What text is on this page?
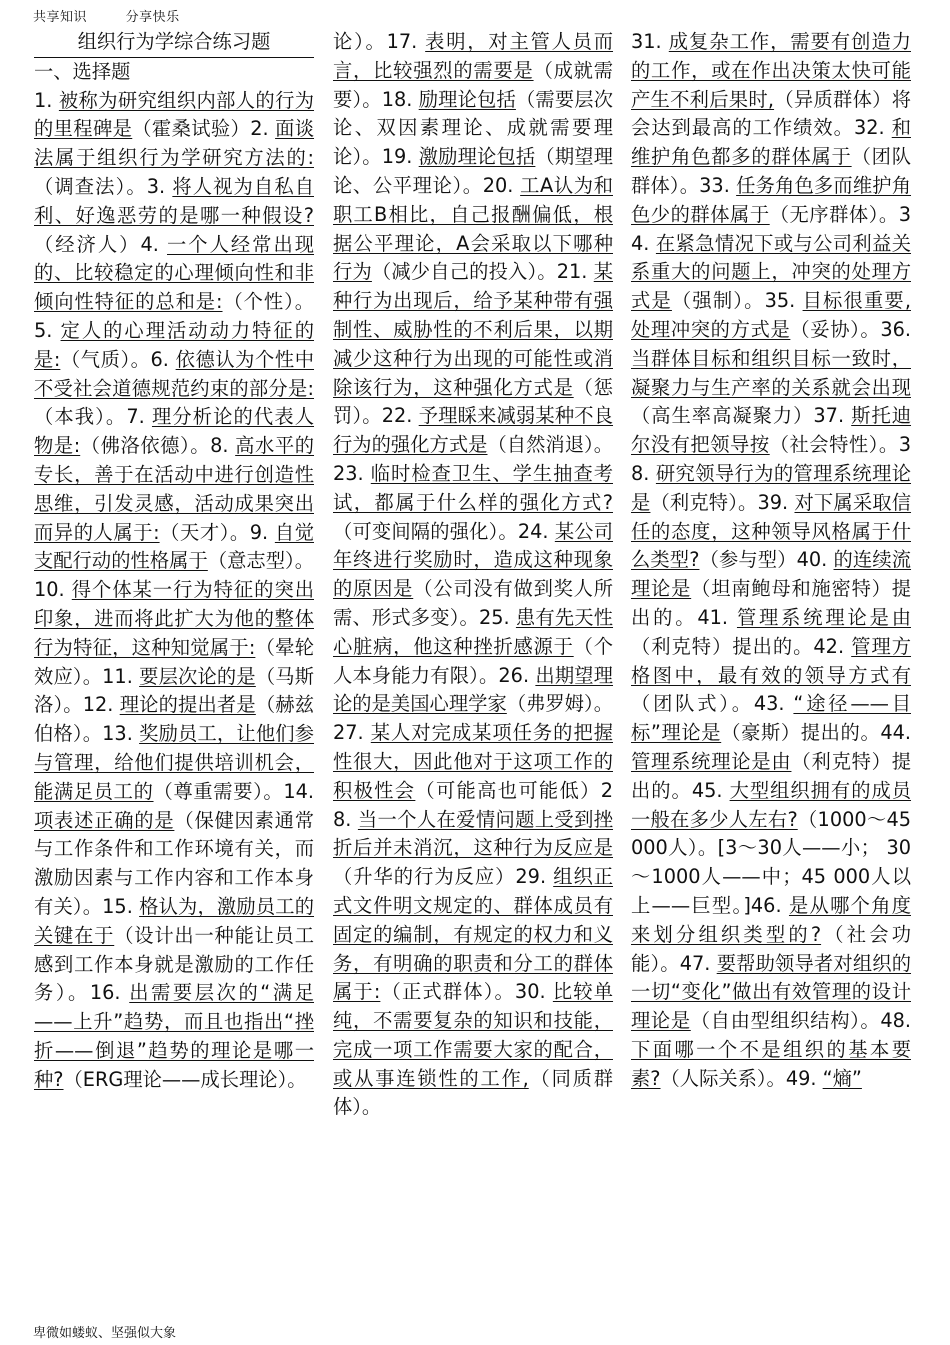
共享知识	分享快乐

组织行为学综合练习题

一、选择题

1. 被称为研究组织内部人的行为的里程碑是（霍桑试验）2. 面谈法属于组织行为学研究方法的:（调查法）。3. 将人视为自私自利、好逸恶劳的是哪一种假设?（经济人）4. 一个人经常出现的、比较稳定的心理倾向性和非倾向性特征的总和是:（个性）。5. 定人的心理活动动力特征的是:（气质）。6. 依德认为个性中不受社会道德规范约束的部分是:（本我）。7. 理分析论的代表人物是:（佛洛依德）。8. 高水平的专长，善于在活动中进行创造性思维，引发灵感，活动成果突出而异的人属于:（天才）。9. 自觉支配行动的性格属于（意志型）。10. 得个体某一行为特征的突出印象，进而将此扩大为他的整体行为特征，这种知觉属于:（晕轮效应）。11. 要层次论的是（马斯洛）。12. 理论的提出者是（赫兹伯格）。13. 奖励员工，让他们参与管理，给他们提供培训机会，能满足员工的（尊重需要）。14. 项表述正确的是（保健因素通常与工作条件和工作环境有关，而激励因素与工作内容和工作本身有关）。15. 格认为，激励员工的关键在于（设计出一种能让员工感到工作本身就是激励的工作任务）。16. 出需要层次的“满足——上升”趋势，而且也指出“挫折——倒退”趋势的理论是哪一种?（ERG理论——成长理论）。

论）。17. 表明，对主管人员而言，比较强烈的需要是（成就需要）。18. 励理论包括（需要层次论、双因素理论、成就需要理论）。19. 激励理论包括（期望理论、公平理论）。20. 工A认为和职工B相比，自己报酬偏低，根据公平理论，A会采取以下哪种行为（减少自己的投入）。21. 某种行为出现后，给予某种带有强制性、威胁性的不利后果，以期减少这种行为出现的可能性或消除该行为，这种强化方式是（惩罚）。22. 予理睬来减弱某种不良行为的强化方式是（自然消退）。23. 临时检查卫生、学生抽查考试，都属于什么样的强化方式?（可变间隔的强化）。24. 某公司年终进行奖励时，造成这种现象的原因是（公司没有做到奖人所需、形式多变）。25. 患有先天性心脏病，他这种挫折感源于（个人本身能力有限）。26. 出期望理论的是美国心理学家（弗罗姆）。27. 某人对完成某项任务的把握性很大，因此他对于这项工作的积极性会（可能高也可能低）28. 当一个人在爱情问题上受到挫折后并未消沉，这种行为反应是（升华的行为反应）29. 组织正式文件明文规定的、群体成员有固定的编制，有规定的权力和义务，有明确的职责和分工的群体属于:（正式群体）。30. 比较单纯，不需要复杂的知识和技能，完成一项工作需要大家的配合，或从事连锁性的工作,（同质群体）。

31. 成复杂工作，需要有创造力的工作，或在作出决策太快可能产生不利后果时,（异质群体）将会达到最高的工作绩效。32. 和维护角色都多的群体属于（团队群体）。33. 任务角色多而维护角色少的群体属于（无序群体）。34. 在紧急情况下或与公司利益关系重大的问题上，冲突的处理方式是（强制）。35. 目标很重要, 处理冲突的方式是（妥协）。36. 当群体目标和组织目标一致时，凝聚力与生产率的关系就会出现（高生率高凝聚力）37. 斯托迪尔没有把领导按（社会特性）。38. 研究领导行为的管理系统理论是（利克特）。39. 对下属采取信任的态度，这种领导风格属于什么类型?（参与型）40. 的连续流理论是（坦南鲍母和施密特）提出的。41. 管理系统理论是由（利克特）提出的。42. 管理方格图中，最有效的领导方式有（团队式）。43. “途径——目标”理论是（豪斯）提出的。44. 管理系统理论是由（利克特）提出的。45. 大型组织拥有的成员一般在多少人左右?（1000～45000人）。[3～30人——小； 30～1000人——中；45 000人以上——巨型。]46. 是从哪个角度来划分组织类型的?（社会功能）。47. 要帮助领导者对组织的一切“变化”做出有效管理的设计理论是（自由型组织结构）。48. 下面哪一个不是组织的基本要素?（人际关系）。49. “熵”

卑微如蝼蚁、坚强似大象
